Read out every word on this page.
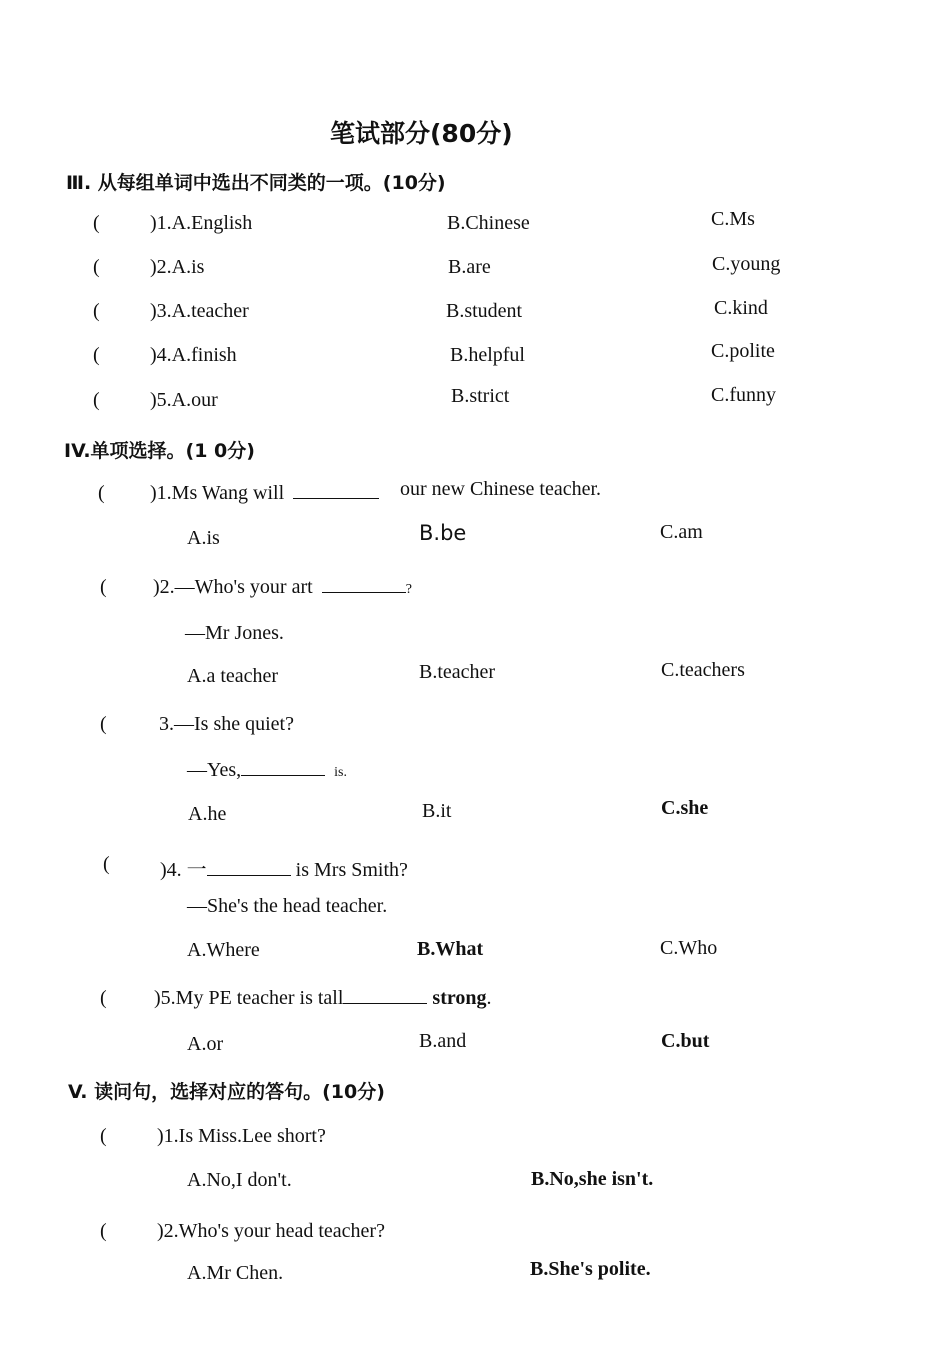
笔试部分(80分)
Ⅲ. 从每组单词中选出不同类的一项。(10分)
(	)1.A.English	B.Chinese	C.Ms
(	)2.A.is	B.are	C.young
(	)3.A.teacher	B.student	C.kind
(	)4.A.finish	B.helpful	C.polite
(	)5.A.our	B.strict	C.funny
IV.单项选择。(1 0分)
( )1.Ms Wang will	our new Chinese teacher.
A.is	B.be	C.am
( )2.—Who's your art	?
—Mr Jones.
A.a teacher	B.teacher	C.teachers
(	3.—Is she quiet?
—Yes,	is.
A.he	B.it	C.she
(	)4. 一	is Mrs Smith?
—She's the head teacher.
A.Where	B.What	C.Who
( )5.My PE teacher is tall	strong.
A.or	B.and	C.but
V. 读问句，选择对应的答句。(10分)
(	)1.Is Miss.Lee short?
A.No,I don't.	B.No,she isn't.
(	)2.Who's your head teacher?
A.Mr Chen.	B.She's polite.
